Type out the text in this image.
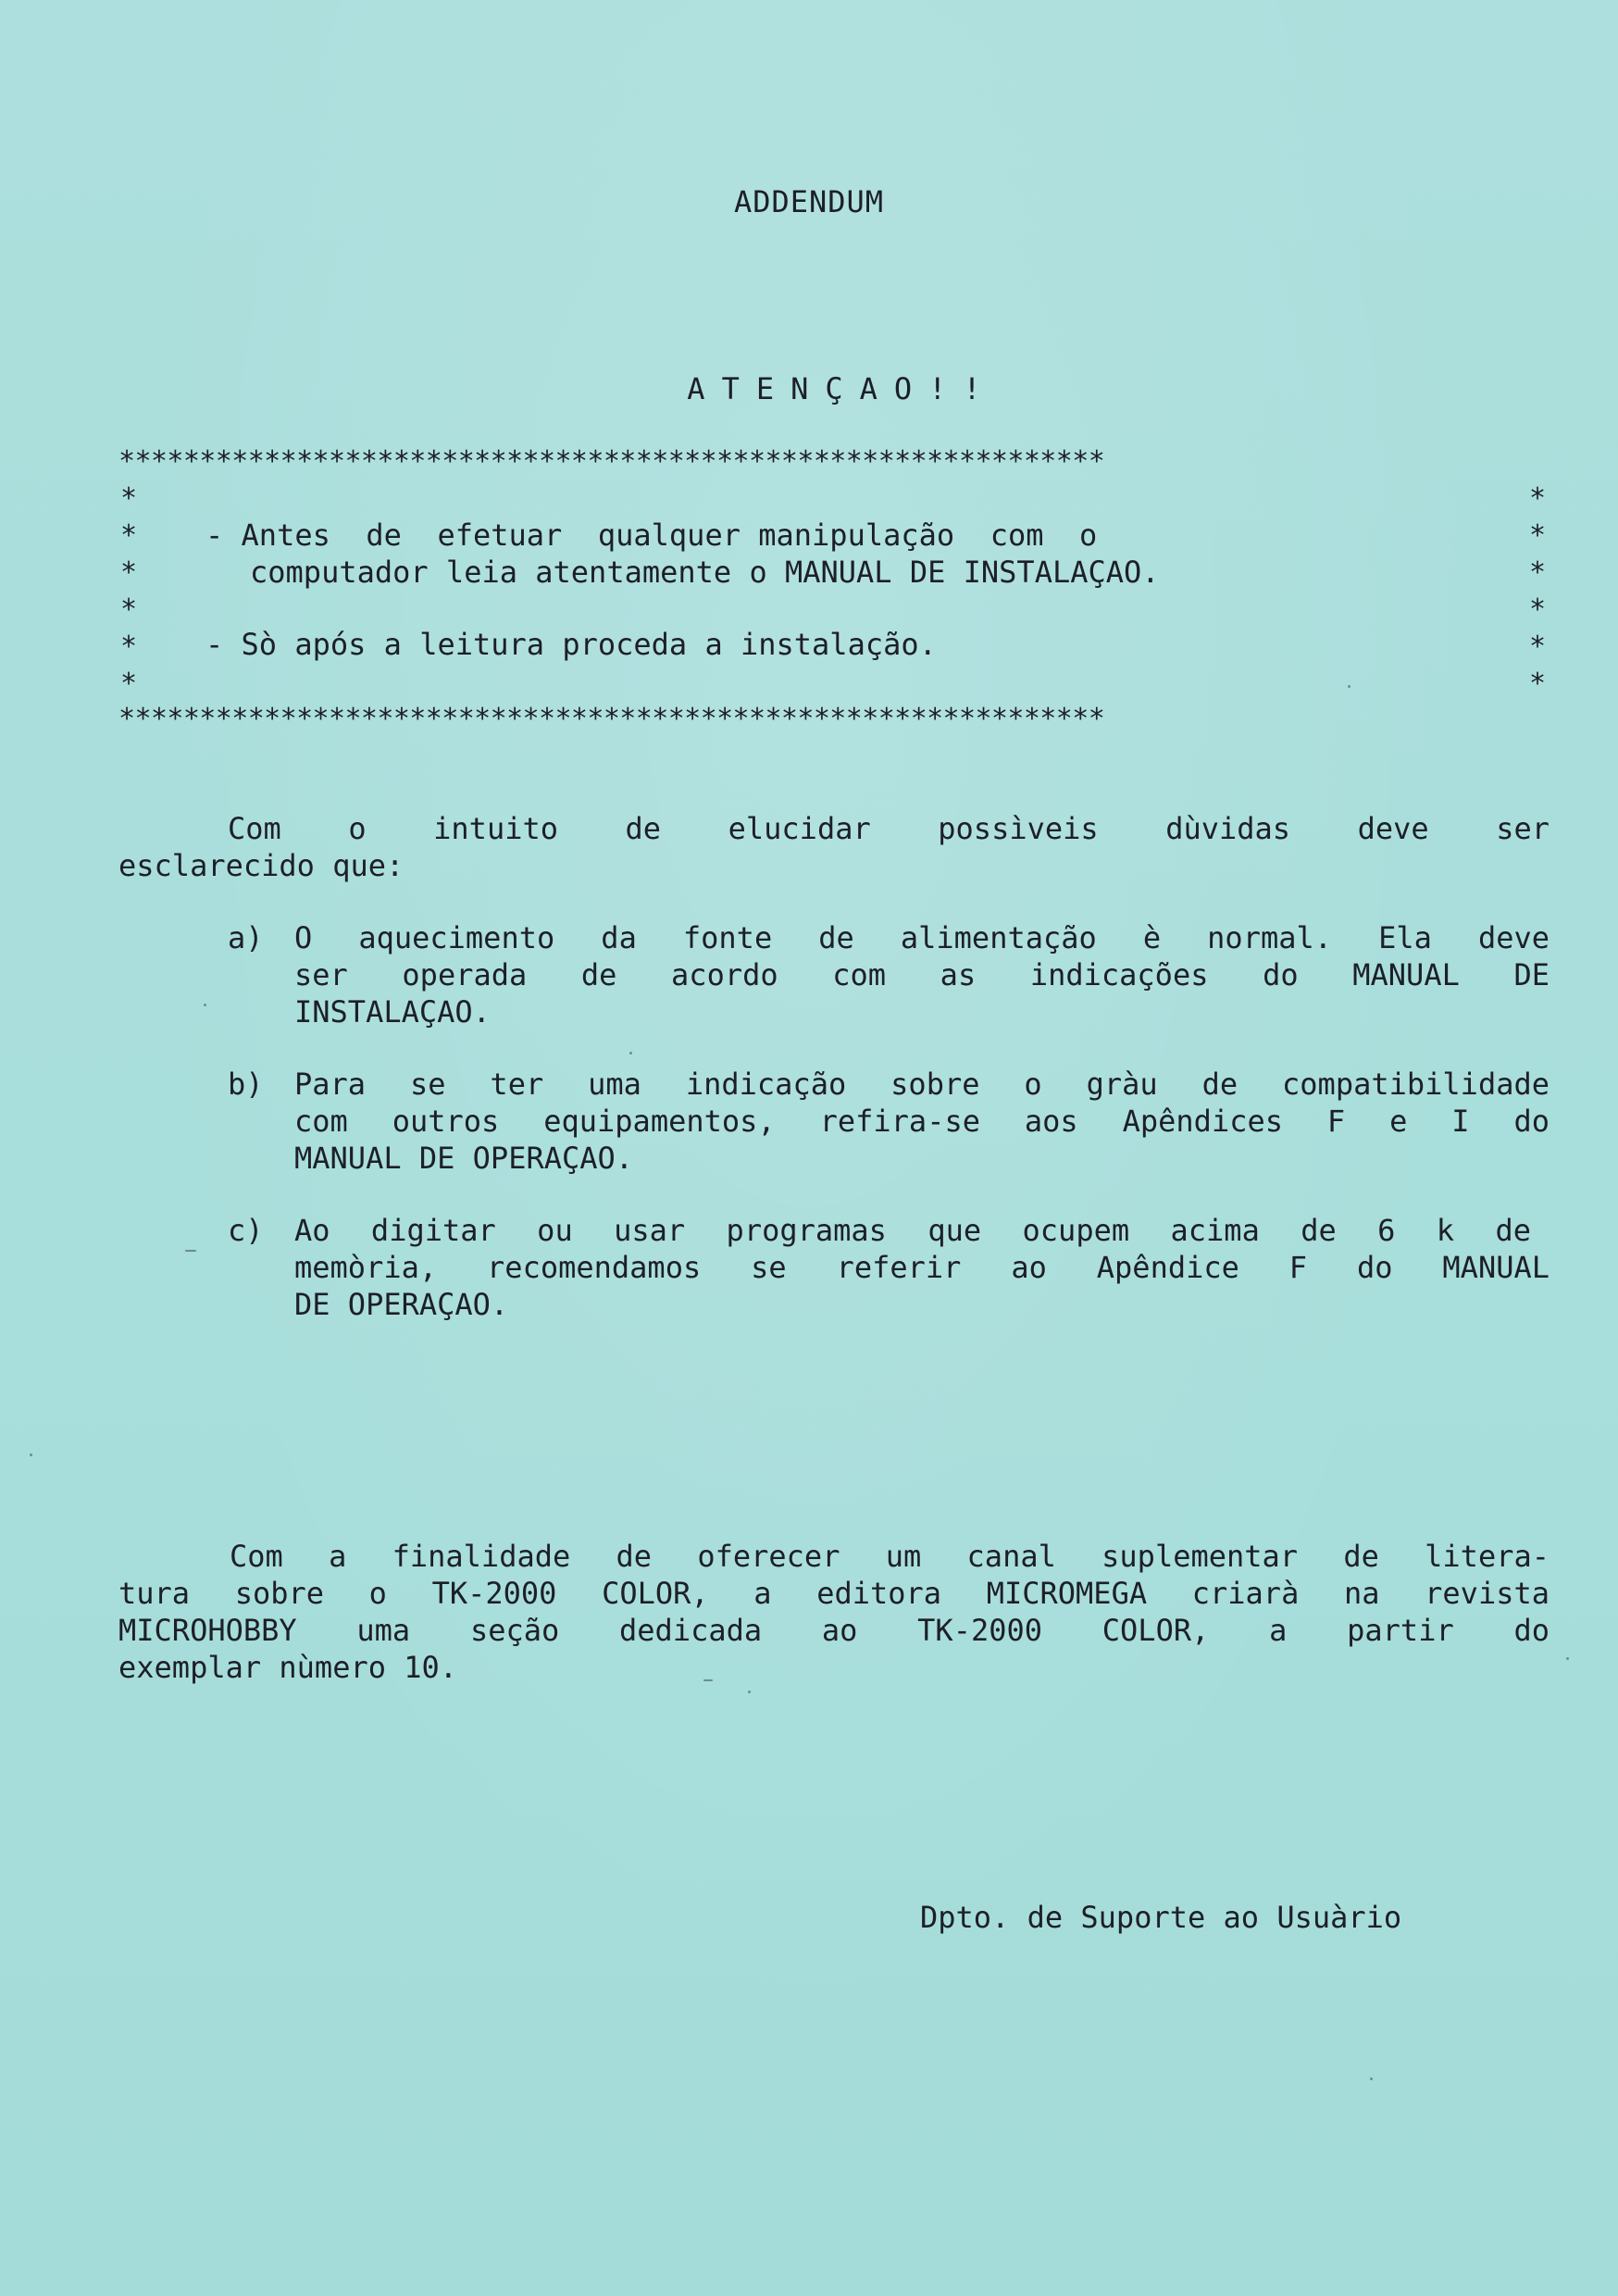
ADDENDUM
ATENÇAO!!
*************************************************************
*************************************************************
*
*
*
*
*
*
*
*
*
*
*
*
- Antes  de  efetuar  qualquer manipulação  com  o
computador leia atentamente o MANUAL DE INSTALAÇAO.
- Sò após a leitura proceda a instalação.
Com o intuito de elucidar possìveis dùvidas deve ser
esclarecido que:
a) O aquecimento da fonte de alimentação è normal. Ela deve
ser operada de acordo com as indicações do MANUAL DE
INSTALAÇAO.
b) Para se ter uma indicação sobre o gràu de compatibilidade
com outros equipamentos, refira-se aos Apêndices F e I do
MANUAL DE OPERAÇAO.
c) Ao digitar ou usar programas que ocupem acima de 6 k de
memòria, recomendamos se referir ao Apêndice F do MANUAL
DE OPERAÇAO.
Com a finalidade de oferecer um canal suplementar de litera-
tura sobre o TK-2000 COLOR, a editora MICROMEGA criarà na revista
MICROHOBBY uma seção dedicada ao TK-2000 COLOR, a partir do
exemplar nùmero 10.
Dpto. de Suporte ao Usuàrio
